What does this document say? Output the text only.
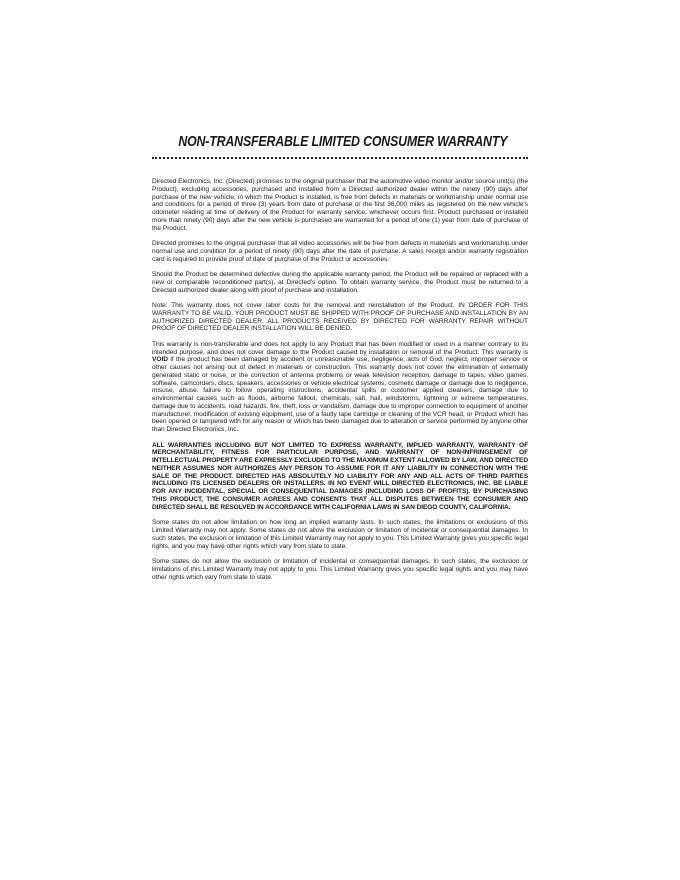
NON-TRANSFERABLE LIMITED CONSUMER WARRANTY

Directed Electronics, Inc. (Directed) promises to the original purchaser that the automotive video monitor and/or source unit(s) (the Product), excluding accessories, purchased and installed from a Directed authorized dealer within the ninety (90) days after purchase of the new vehicle, in which the Product is installed, is free from defects in materials or workmanship under normal use and conditions for a period of three (3) years from date of purchase or the first 36,000 miles as registered on the new vehicle's odometer reading at time of delivery of the Product for warranty service, whichever occurs first. Product purchased or installed more than ninety (90) days after the new vehicle is purchased are warranted for a period of one (1) year from date of purchase of the Product.

Directed promises to the original purchaser that all video accessories will be free from defects in materials and workmanship under normal use and condition for a period of ninety (90) days after the date of purchase. A sales receipt and/or warranty registration card is required to provide proof of date of purchase of the Product or accessories.

Should the Product be determined defective during the applicable warranty period, the Product will be repaired or replaced with a new or comparable reconditioned part(s), at Directed's option. To obtain warranty service, the Product must be returned to a Directed authorized dealer along with proof of purchase and installation.

Note: This warranty does not cover labor costs for the removal and reinstallation of the Product. IN ORDER FOR THIS WARRANTY TO BE VALID, YOUR PRODUCT MUST BE SHIPPED WITH PROOF OF PURCHASE AND INSTALLATION BY AN AUTHORIZED DIRECTED DEALER. ALL PRODUCTS RECEIVED BY DIRECTED FOR WARRANTY REPAIR WITHOUT PROOF OF DIRECTED DEALER INSTALLATION WILL BE DENIED.

This warranty is non-transferable and does not apply to any Product that has been modified or used in a manner contrary to its intended purpose, and does not cover damage to the Product caused by installation or removal of the Product. This warranty is VOID if the product has been damaged by accident or unreasonable use, negligence, acts of God, neglect, improper service or other causes not arising out of defect in materials or construction. This warranty does not cover the elimination of externally generated static or noise, or the correction of antenna problems or weak television reception, damage to tapes, video games, software, camcorders, discs, speakers, accessories or vehicle electrical systems, cosmetic damage or damage due to negligence, misuse, abuse, failure to follow operating instructions, accidental spills or customer applied cleaners, damage due to environmental causes such as floods, airborne fallout, chemicals, salt, hail, windstorms, lightning or extreme temperatures, damage due to accidents, road hazards, fire, theft, loss or vandalism, damage due to improper connection to equipment of another manufacturer, modification of existing equipment, use of a faulty tape cartridge or cleaning of the VCR head, or Product which has been opened or tampered with for any reason or which has been damaged due to alteration or service performed by anyone other than Directed Electronics, Inc.

ALL WARRANTIES INCLUDING BUT NOT LIMITED TO EXPRESS WARRANTY, IMPLIED WARRANTY, WARRANTY OF MERCHANTABILITY, FITNESS FOR PARTICULAR PURPOSE, AND WARRANTY OF NON-INFRINGEMENT OF INTELLECTUAL PROPERTY ARE EXPRESSLY EXCLUDED TO THE MAXIMUM EXTENT ALLOWED BY LAW, AND DIRECTED NEITHER ASSUMES NOR AUTHORIZES ANY PERSON TO ASSUME FOR IT ANY LIABILITY IN CONNECTION WITH THE SALE OF THE PRODUCT. DIRECTED HAS ABSOLUTELY NO LIABILITY FOR ANY AND ALL ACTS OF THIRD PARTIES INCLUDING ITS LICENSED DEALERS OR INSTALLERS. IN NO EVENT WILL DIRECTED ELECTRONICS, INC. BE LIABLE FOR ANY INCIDENTAL, SPECIAL OR CONSEQUENTIAL DAMAGES (INCLUDING LOSS OF PROFITS). BY PURCHASING THIS PRODUCT, THE CONSUMER AGREES AND CONSENTS THAT ALL DISPUTES BETWEEN THE CONSUMER AND DIRECTED SHALL BE RESOLVED IN ACCORDANCE WITH CALIFORNIA LAWS IN SAN DIEGO COUNTY, CALIFORNIA.

Some states do not allow limitation on how long an implied warranty lasts. In such states, the limitations or exclusions of this Limited Warranty may not apply. Some states do not allow the exclusion or limitation of incidental or consequential damages. In such states, the exclusion or limitation of this Limited Warranty may not apply to you. This Limited Warranty gives you specific legal rights, and you may have other rights which vary from state to state.

Some states do not allow the exclusion or limitation of incidental or consequential damages. In such states, the exclusion or limitations of this Limited Warranty may not apply to you. This Limited Warranty gives you specific legal rights and you may have other rights which vary from state to state.
